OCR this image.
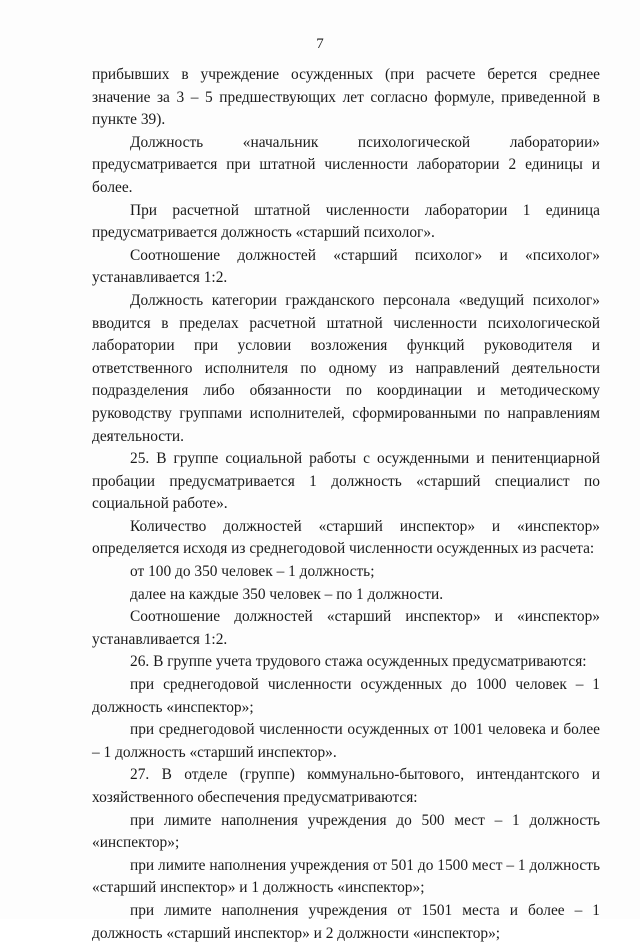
7

прибывших в учреждение осужденных (при расчете берется среднее значение за 3 – 5 предшествующих лет согласно формуле, приведенной в пункте 39).

Должность «начальник психологической лаборатории» предусматривается при штатной численности лаборатории 2 единицы и более.

При расчетной штатной численности лаборатории 1 единица предусматривается должность «старший психолог».

Соотношение должностей «старший психолог» и «психолог» устанавливается 1:2.

Должность категории гражданского персонала «ведущий психолог» вводится в пределах расчетной штатной численности психологической лаборатории при условии возложения функций руководителя и ответственного исполнителя по одному из направлений деятельности подразделения либо обязанности по координации и методическому руководству группами исполнителей, сформированными по направлениям деятельности.

25. В группе социальной работы с осужденными и пенитенциарной пробации предусматривается 1 должность «старший специалист по социальной работе».

Количество должностей «старший инспектор» и «инспектор» определяется исходя из среднегодовой численности осужденных из расчета:

от 100 до 350 человек – 1 должность;

далее на каждые 350 человек – по 1 должности.

Соотношение должностей «старший инспектор» и «инспектор» устанавливается 1:2.

26. В группе учета трудового стажа осужденных предусматриваются:

при среднегодовой численности осужденных до 1000 человек – 1 должность «инспектор»;

при среднегодовой численности осужденных от 1001 человека и более – 1 должность «старший инспектор».

27. В отделе (группе) коммунально-бытового, интендантского и хозяйственного обеспечения предусматриваются:

при лимите наполнения учреждения до 500 мест – 1 должность «инспектор»;

при лимите наполнения учреждения от 501 до 1500 мест – 1 должность «старший инспектор» и 1 должность «инспектор»;

при лимите наполнения учреждения от 1501 места и более – 1 должность «старший инспектор» и 2 должности «инспектор»;
